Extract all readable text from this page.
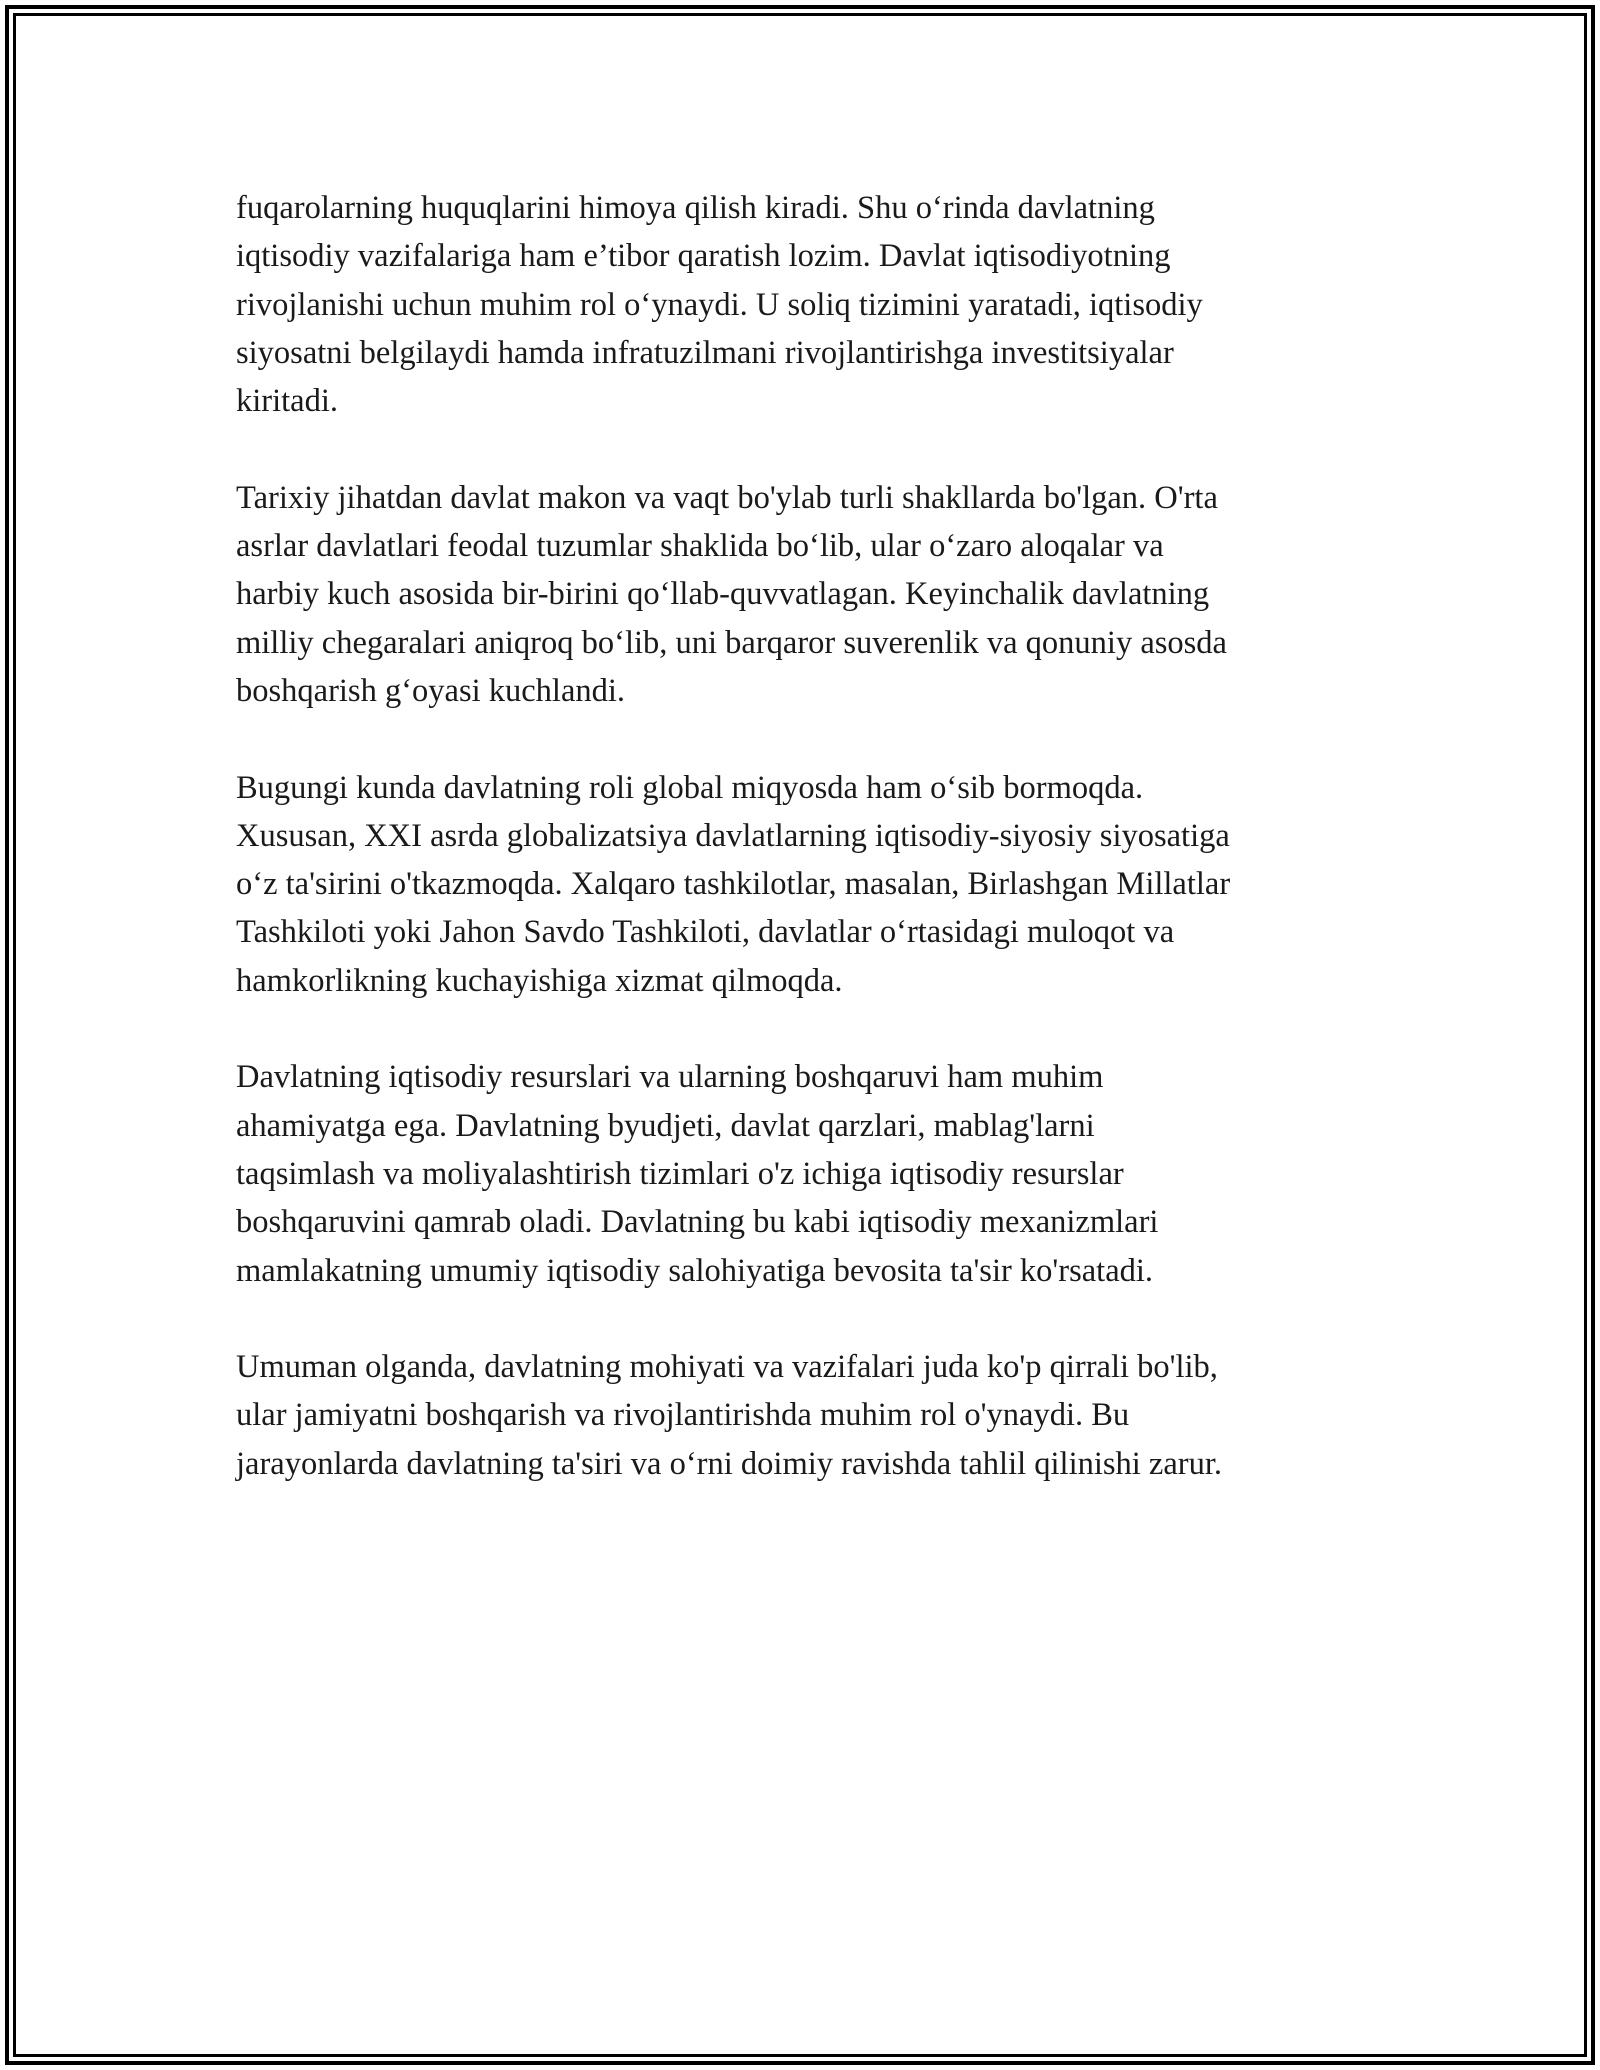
fuqarolarning huquqlarini himoya qilish kiradi. Shu o‘rinda davlatning
iqtisodiy vazifalariga ham e’tibor qaratish lozim. Davlat iqtisodiyotning
rivojlanishi uchun muhim rol o‘ynaydi. U soliq tizimini yaratadi, iqtisodiy
siyosatni belgilaydi hamda infratuzilmani rivojlantirishga investitsiyalar
kiritadi.

Tarixiy jihatdan davlat makon va vaqt bo'ylab turli shakllarda bo'lgan. O'rta
asrlar davlatlari feodal tuzumlar shaklida bo‘lib, ular o‘zaro aloqalar va
harbiy kuch asosida bir-birini qo‘llab-quvvatlagan. Keyinchalik davlatning
milliy chegaralari aniqroq bo‘lib, uni barqaror suverenlik va qonuniy asosda
boshqarish g‘oyasi kuchlandi.

Bugungi kunda davlatning roli global miqyosda ham o‘sib bormoqda.
Xususan, XXI asrda globalizatsiya davlatlarning iqtisodiy-siyosiy siyosatiga
o‘z ta'sirini o'tkazmoqda. Xalqaro tashkilotlar, masalan, Birlashgan Millatlar
Tashkiloti yoki Jahon Savdo Tashkiloti, davlatlar o‘rtasidagi muloqot va
hamkorlikning kuchayishiga xizmat qilmoqda.

Davlatning iqtisodiy resurslari va ularning boshqaruvi ham muhim
ahamiyatga ega. Davlatning byudjeti, davlat qarzlari, mablag'larni
taqsimlash va moliyalashtirish tizimlari o'z ichiga iqtisodiy resurslar
boshqaruvini qamrab oladi. Davlatning bu kabi iqtisodiy mexanizmlari
mamlakatning umumiy iqtisodiy salohiyatiga bevosita ta'sir ko'rsatadi.

Umuman olganda, davlatning mohiyati va vazifalari juda ko'p qirrali bo'lib,
ular jamiyatni boshqarish va rivojlantirishda muhim rol o'ynaydi. Bu
jarayonlarda davlatning ta'siri va o‘rni doimiy ravishda tahlil qilinishi zarur.
